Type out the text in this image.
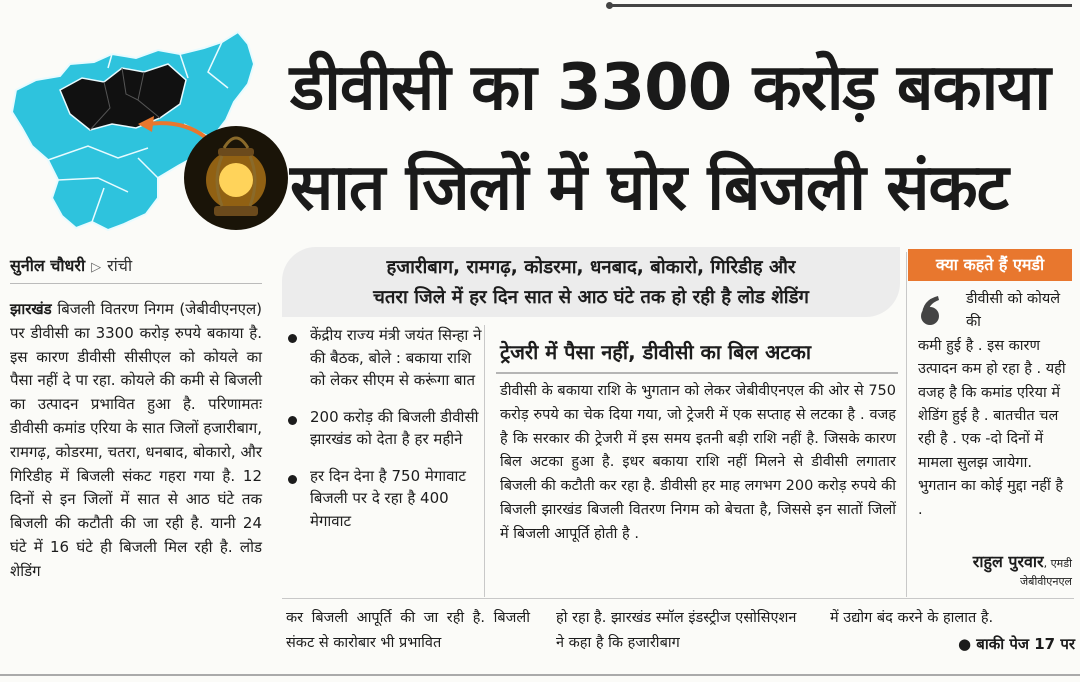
डीवीसी का 3300 करोड़ बकाया
सात जिलों में घोर बिजली संकट
सुनील चौधरी ▷ रांची
झारखंड बिजली वितरण निगम (जेबीवीएनएल) पर डीवीसी का 3300 करोड़ रुपये बकाया है. इस कारण डीवीसी सीसीएल को कोयले का पैसा नहीं दे पा रहा. कोयले की कमी से बिजली का उत्पादन प्रभावित हुआ है. परिणामतः डीवीसी कमांड एरिया के सात जिलों हजारीबाग, रामगढ़, कोडरमा, चतरा, धनबाद, बोकारो, और गिरिडीह में बिजली संकट गहरा गया है. 12 दिनों से इन जिलों में सात से आठ घंटे तक बिजली की कटौती की जा रही है. यानी 24 घंटे में 16 घंटे ही बिजली मिल रही है. लोड शेडिंग
हजारीबाग, रामगढ़, कोडरमा, धनबाद, बोकारो, गिरिडीह और
चतरा जिले में हर दिन सात से आठ घंटे तक हो रही है लोड शेडिंग
केंद्रीय राज्य मंत्री जयंत सिन्हा ने की बैठक, बोले : बकाया राशि को लेकर सीएम से करूंगा बात
200 करोड़ की बिजली डीवीसी झारखंड को देता है हर महीने
हर दिन देना है 750 मेगावाट बिजली पर दे रहा है 400 मेगावाट
ट्रेजरी में पैसा नहीं, डीवीसी का बिल अटका
डीवीसी के बकाया राशि के भुगतान को लेकर जेबीवीएनएल की ओर से 750 करोड़ रुपये का चेक दिया गया, जो ट्रेजरी में एक सप्ताह से लटका है . वजह है कि सरकार की ट्रेजरी में इस समय इतनी बड़ी राशि नहीं है. जिसके कारण बिल अटका हुआ है. इधर बकाया राशि नहीं मिलने से डीवीसी लगातार बिजली की कटौती कर रहा है. डीवीसी हर माह लगभग 200 करोड़ रुपये की बिजली झारखंड बिजली वितरण निगम को बेचता है, जिससे इन सातों जिलों में बिजली आपूर्ति होती है .
क्या कहते हैं एमडी
डीवीसी को कोयले की
कमी हुई है . इस कारण उत्पादन कम हो रहा है . यही वजह है कि कमांड एरिया में शेडिंग हुई है . बातचीत चल रही है . एक -दो दिनों में मामला सुलझ जायेगा. भुगतान का कोई मुद्दा नहीं है .
राहुल पुरवार, एमडी
जेबीवीएनएल
कर बिजली आपूर्ति की जा रही है. बिजली संकट से कारोबार भी प्रभावित
हो रहा है. झारखंड स्मॉल इंडस्ट्रीज एसोसिएशन ने कहा है कि हजारीबाग
में उद्योग बंद करने के हालात है.
● बाकी पेज 17 पर
